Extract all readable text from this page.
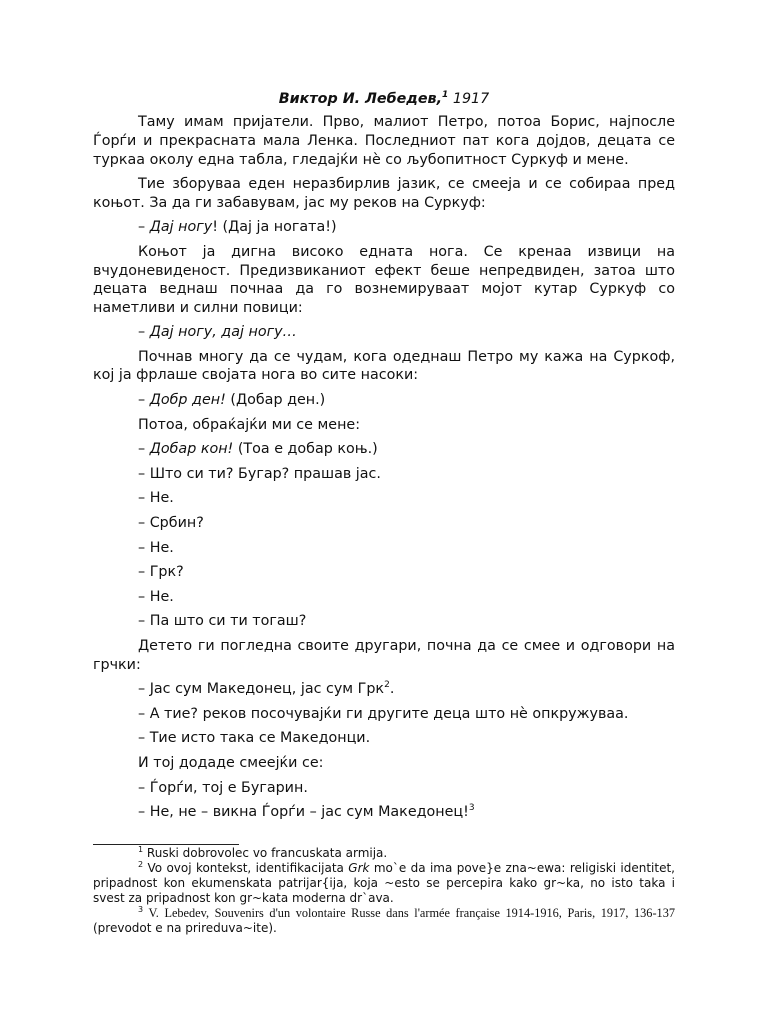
Виктор И. Лебедев,$^1$ 1917

Таму имам пријатели. Прво, малиот Петро, потоа Борис, најпосле Ѓорѓи и прекрасната мала Ленка. Последниот пат кога дојдов, децата се туркаа околу една табла, гледајќи нѐ со љубопитност Суркуф и мене.

Тие зборуваа еден неразбирлив јазик, се смееја и се собираа пред коњот. За да ги забавувам, јас му реков на Суркуф:

– Дај ногу! (Дај ја ногата!)

Коњот ја дигна високо едната нога. Се кренаа извици на вчудоневиденост. Предизвиканиот ефект беше непредвиден, затоа што децата веднаш почнаа да го вознемируваат мојот кутар Суркуф со наметливи и силни повици:

– Дај ногу, дај ногу…

Почнав многу да се чудам, кога одеднаш Петро му кажа на Суркоф, кој ја фрлаше својата нога во сите насоки:

– Добр ден! (Добар ден.)

Потоа, обраќајќи ми се мене:

– Добар кон! (Тоа е добар коњ.)

– Што си ти? Бугар? прашав јас.

– Не.

– Србин?

– Не.

– Грк?

– Не.

– Па што си ти тогаш?

Детето ги погледна своите другари, почна да се смее и одговори на грчки:

– Јас сум Македонец, јас сум Грк$^2$.

– А тие? реков посочувајќи ги другите деца што нѐ опкружуваа.

– Тие исто така се Македонци.

И тој додаде смеејќи се:

– Ѓорѓи, тој е Бугарин.

– Не, не – викна Ѓорѓи – јас сум Македонец!$^3$

$^1$ Ruski dobrovolec vo francuskata armija.

$^2$ Vo ovoj kontekst, identifikacijata Grk mo`e da ima pove}e zna~ewa: religiski identitet, pripadnost kon ekumenskata patrijar{ija, koja ~esto se percepira kako gr~ka, no isto taka i svest za pripadnost kon gr~kata moderna dr`ava.

$^3$ V. Lebedev, Souvenirs d'un volontaire Russe dans l'armée française 1914-1916, Paris, 1917, 136-137 (prevodot e na prireduva~ite).
